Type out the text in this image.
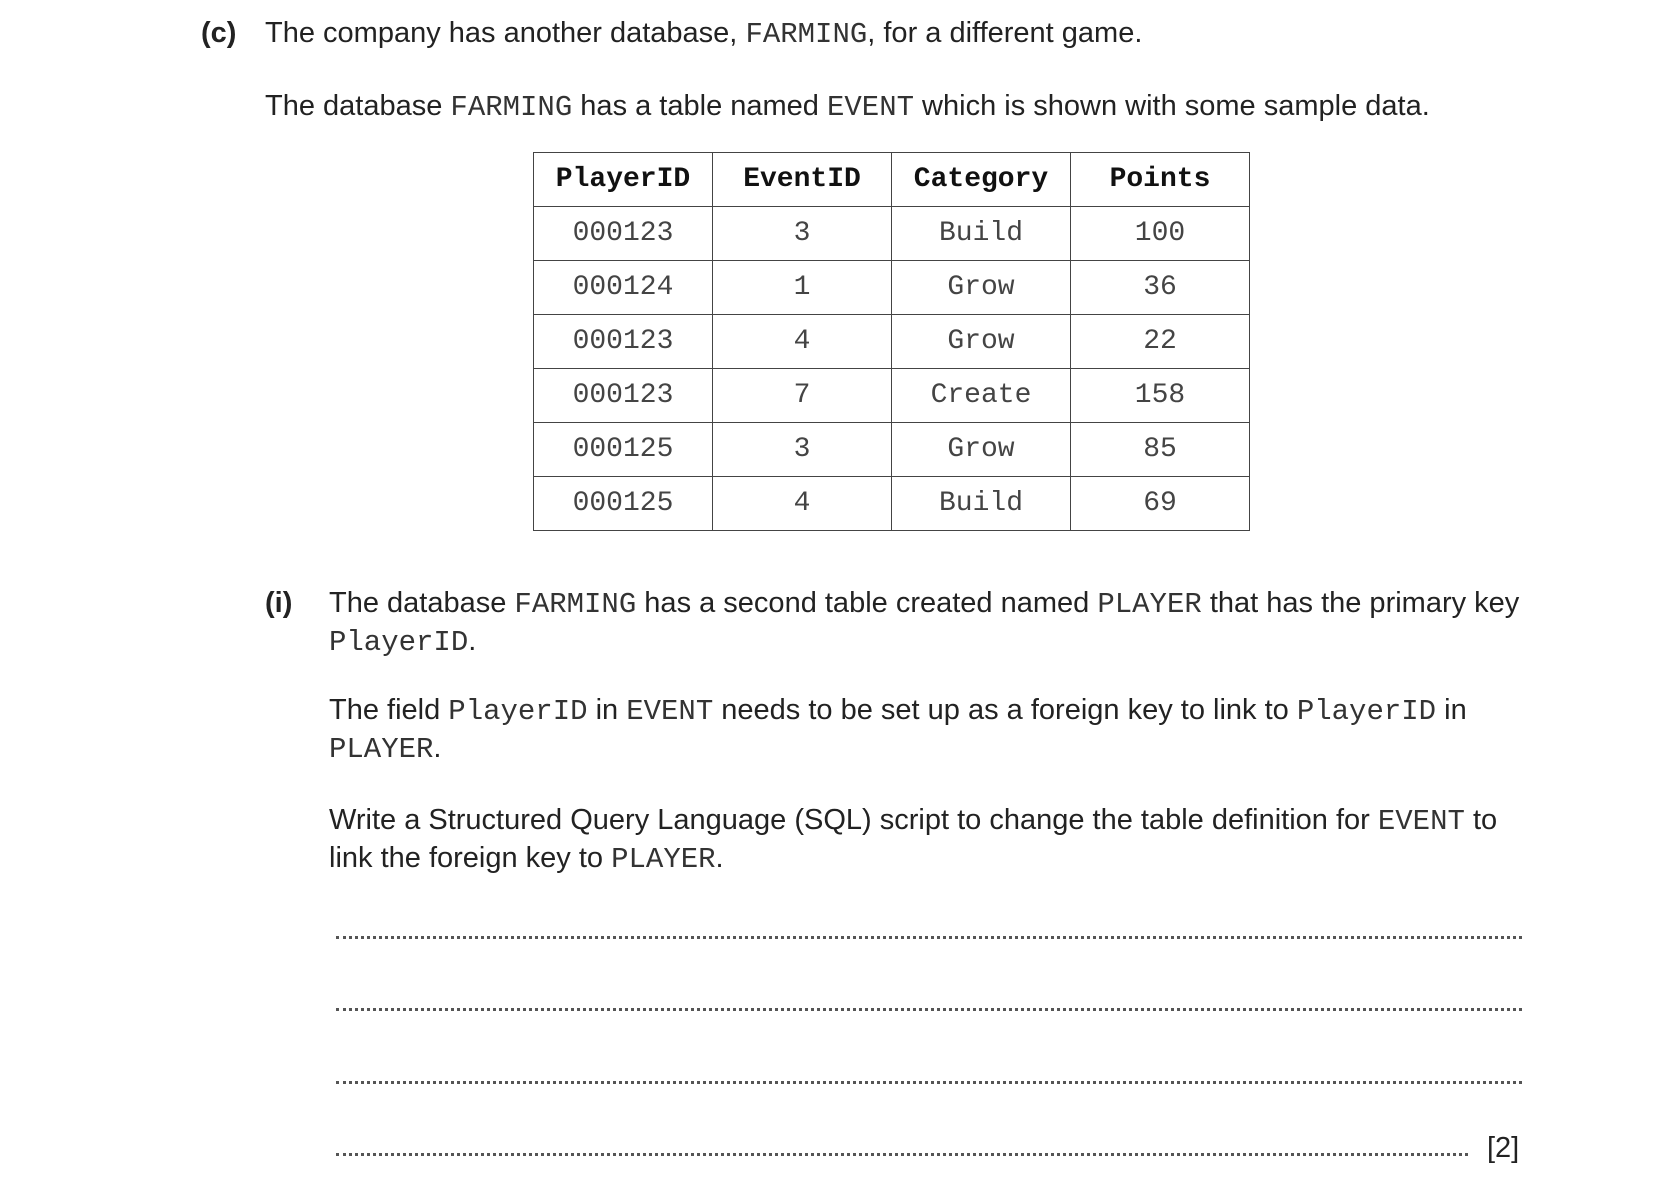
(c) The company has another database, FARMING, for a different game.

The database FARMING has a table named EVENT which is shown with some sample data.

PlayerID	EventID	Category	Points
000123	3	Build	100
000124	1	Grow	36
000123	4	Grow	22
000123	7	Create	158
000125	3	Grow	85
000125	4	Build	69
(i) The database FARMING has a second table created named PLAYER that has the primary key PlayerID.

The field PlayerID in EVENT needs to be set up as a foreign key to link to PlayerID in PLAYER.

Write a Structured Query Language (SQL) script to change the table definition for EVENT to link the foreign key to PLAYER.

[2]
